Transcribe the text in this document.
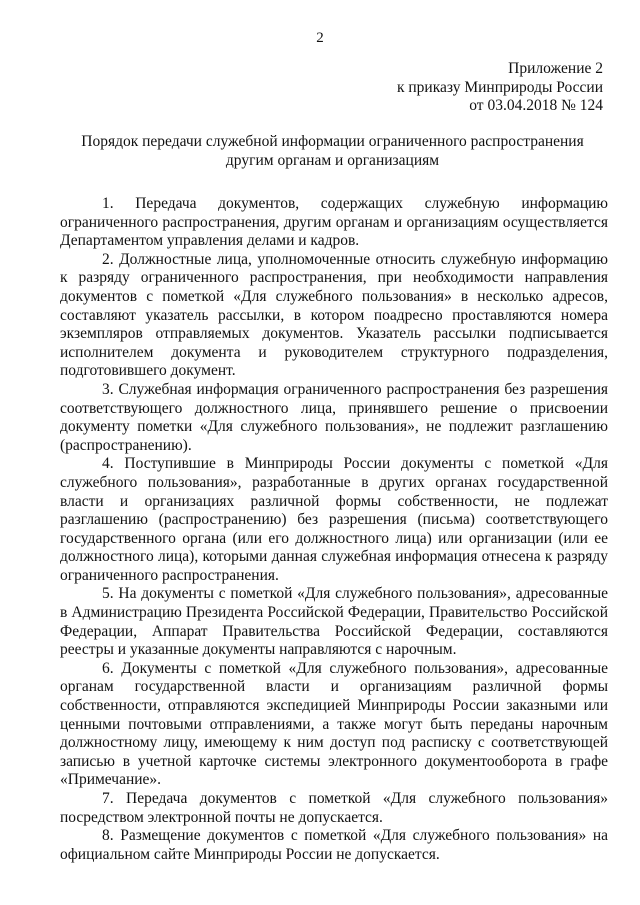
2
Приложение 2
к приказу Минприроды России
от 03.04.2018 № 124
Порядок передачи служебной информации ограниченного распространения
другим органам и организациям

1. Передача документов, содержащих служебную информацию ограниченного распространения, другим органам и организациям осуществляется Департаментом управления делами и кадров.

2. Должностные лица, уполномоченные относить служебную информацию к разряду ограниченного распространения, при необходимости направления документов с пометкой «Для служебного пользования» в несколько адресов, составляют указатель рассылки, в котором поадресно проставляются номера экземпляров отправляемых документов. Указатель рассылки подписывается исполнителем документа и руководителем структурного подразделения, подготовившего документ.

3. Служебная информация ограниченного распространения без разрешения соответствующего должностного лица, принявшего решение о присвоении документу пометки «Для служебного пользования», не подлежит разглашению (распространению).

4. Поступившие в Минприроды России документы с пометкой «Для служебного пользования», разработанные в других органах государственной власти и организациях различной формы собственности, не подлежат разглашению (распространению) без разрешения (письма) соответствующего государственного органа (или его должностного лица) или организации (или ее должностного лица), которыми данная служебная информация отнесена к разряду ограниченного распространения.

5. На документы с пометкой «Для служебного пользования», адресованные в Администрацию Президента Российской Федерации, Правительство Российской Федерации, Аппарат Правительства Российской Федерации, составляются реестры и указанные документы направляются с нарочным.

6. Документы с пометкой «Для служебного пользования», адресованные органам государственной власти и организациям различной формы собственности, отправляются экспедицией Минприроды России заказными или ценными почтовыми отправлениями, а также могут быть переданы нарочным должностному лицу, имеющему к ним доступ под расписку с соответствующей записью в учетной карточке системы электронного документооборота в графе «Примечание».

7. Передача документов с пометкой «Для служебного пользования» посредством электронной почты не допускается.

8. Размещение документов с пометкой «Для служебного пользования» на официальном сайте Минприроды России не допускается.
